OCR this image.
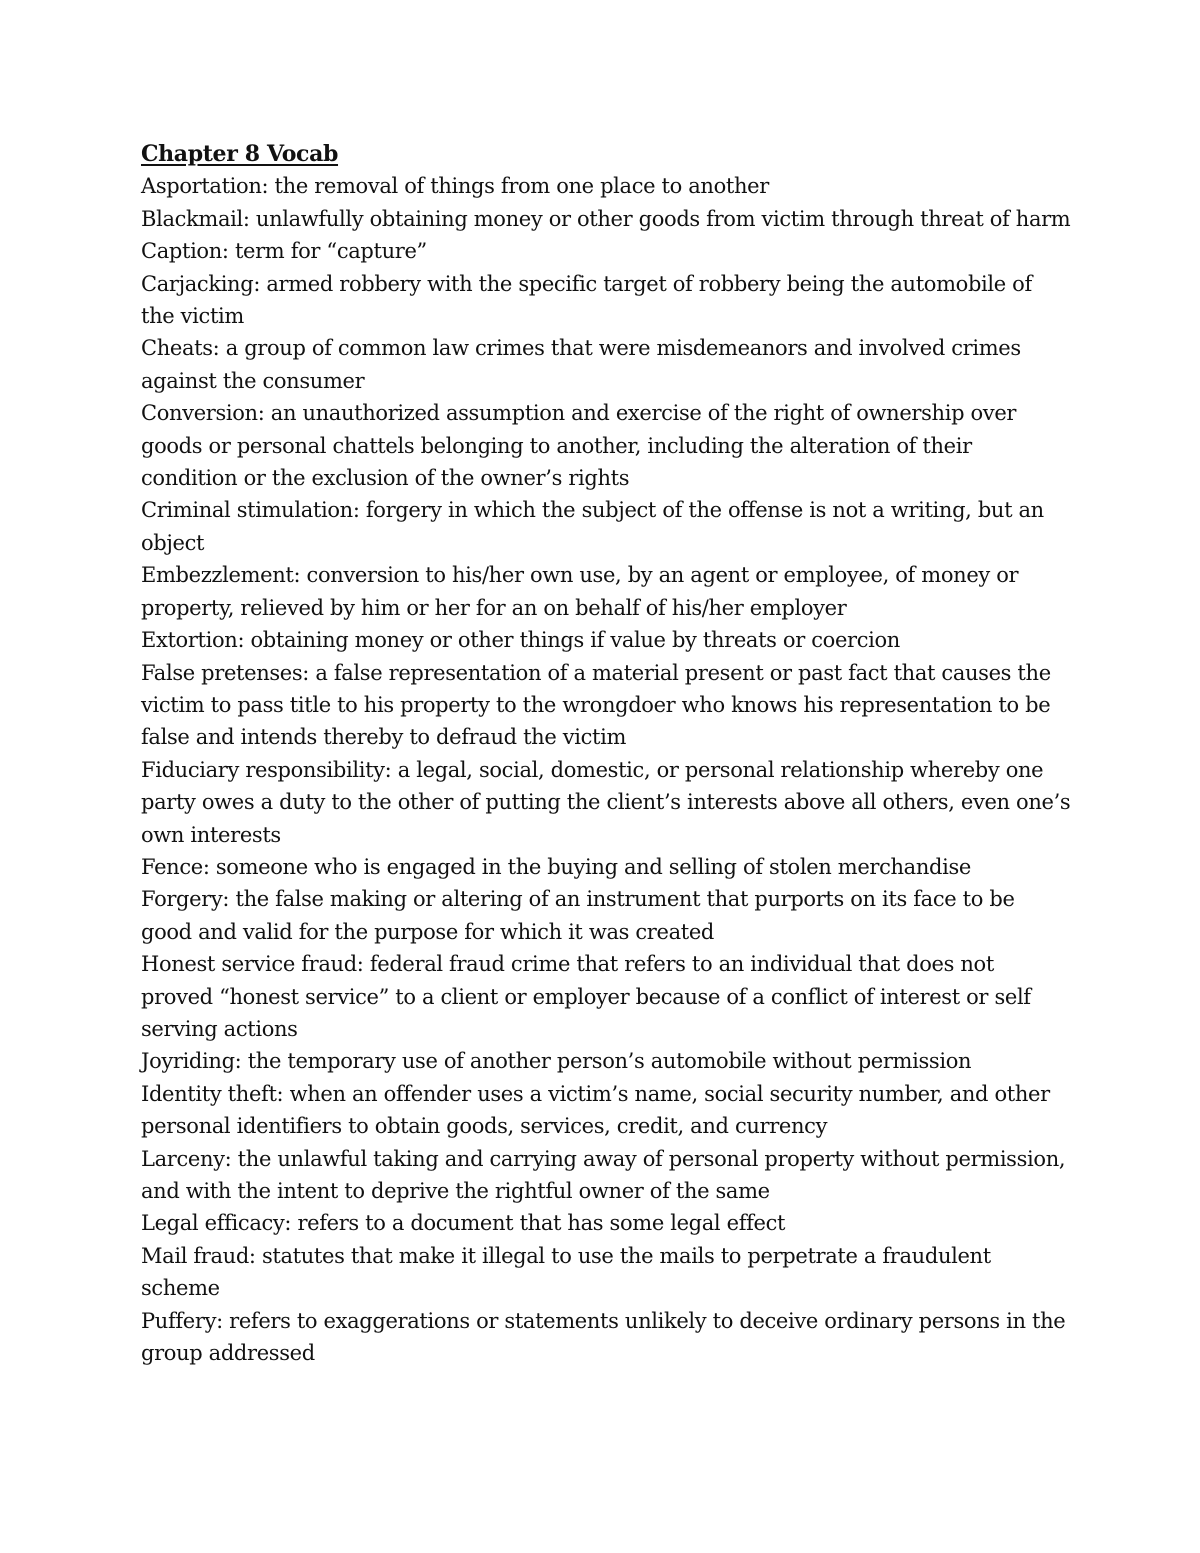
Chapter 8 Vocab

Asportation: the removal of things from one place to another

Blackmail: unlawfully obtaining money or other goods from victim through threat of harm

Caption: term for “capture”

Carjacking: armed robbery with the specific target of robbery being the automobile of the victim

Cheats: a group of common law crimes that were misdemeanors and involved crimes against the consumer

Conversion: an unauthorized assumption and exercise of the right of ownership over goods or personal chattels belonging to another, including the alteration of their condition or the exclusion of the owner’s rights

Criminal stimulation: forgery in which the subject of the offense is not a writing, but an object

Embezzlement: conversion to his/her own use, by an agent or employee, of money or property, relieved by him or her for an on behalf of his/her employer

Extortion: obtaining money or other things if value by threats or coercion

False pretenses: a false representation of a material present or past fact that causes the victim to pass title to his property to the wrongdoer who knows his representation to be false and intends thereby to defraud the victim

Fiduciary responsibility: a legal, social, domestic, or personal relationship whereby one party owes a duty to the other of putting the client’s interests above all others, even one’s own interests

Fence: someone who is engaged in the buying and selling of stolen merchandise

Forgery: the false making or altering of an instrument that purports on its face to be good and valid for the purpose for which it was created

Honest service fraud: federal fraud crime that refers to an individual that does not proved “honest service” to a client or employer because of a conflict of interest or self serving actions

Joyriding: the temporary use of another person’s automobile without permission

Identity theft: when an offender uses a victim’s name, social security number, and other personal identifiers to obtain goods, services, credit, and currency

Larceny: the unlawful taking and carrying away of personal property without permission, and with the intent to deprive the rightful owner of the same

Legal efficacy: refers to a document that has some legal effect

Mail fraud: statutes that make it illegal to use the mails to perpetrate a fraudulent scheme

Puffery: refers to exaggerations or statements unlikely to deceive ordinary persons in the group addressed
